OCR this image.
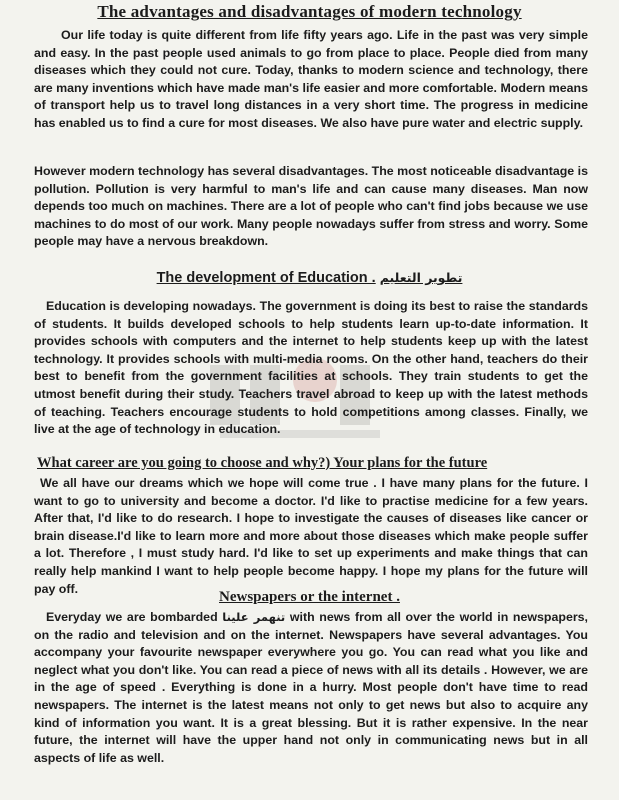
The advantages and disadvantages of modern technology

Our life today is quite different from life fifty years ago. Life in the past was very simple and easy. In the past people used animals to go from place to place. People died from many diseases which they could not cure. Today, thanks to modern science and technology, there are many inventions which have made man's life easier and more comfortable. Modern means of transport help us to travel long distances in a very short time. The progress in medicine has enabled us to find a cure for most diseases. We also have pure water and electric supply.

However modern technology has several disadvantages. The most noticeable disadvantage is pollution. Pollution is very harmful to man's life and can cause many diseases. Man now depends too much on machines. There are a lot of people who can't find jobs because we use machines to do most of our work. Many people nowadays suffer from stress and worry. Some people may have a nervous breakdown.

The development of Education . تطوير التعليم

Education is developing nowadays. The government is doing its best to raise the standards of students. It builds developed schools to help students learn up-to-date information. It provides schools with computers and the internet to help students keep up with the latest technology. It provides schools with multi-media rooms. On the other hand, teachers do their best to benefit from the government facilities at schools. They train students to get the utmost benefit during their study. Teachers travel abroad to keep up with the latest methods of teaching. Teachers encourage students to hold competitions among classes. Finally, we live at the age of technology in education.

What career are you going to choose and why?) Your plans for the future

We all have our dreams which we hope will come true . I have many plans for the future. I want to go to university and become a doctor. I'd like to practise medicine for a few years. After that, I'd like to do research. I hope to investigate the causes of diseases like cancer or brain disease.I'd like to learn more and more about those diseases which make people suffer a lot. Therefore , I must study hard. I'd like to set up experiments and make things that can really help mankind I want to help people become happy. I hope my plans for the future will pay off.

Newspapers or the internet .

Everyday we are bombarded تنهمر علينا with news from all over the world in newspapers, on the radio and television and on the internet. Newspapers have several advantages. You accompany your favourite newspaper everywhere you go. You can read what you like and neglect what you don't like. You can read a piece of news with all its details . However, we are in the age of speed . Everything is done in a hurry. Most people don't have time to read newspapers. The internet is the latest means not only to get news but also to acquire any kind of information you want. It is a great blessing. But it is rather expensive. In the near future, the internet will have the upper hand not only in communicating news but in all aspects of life as well.
